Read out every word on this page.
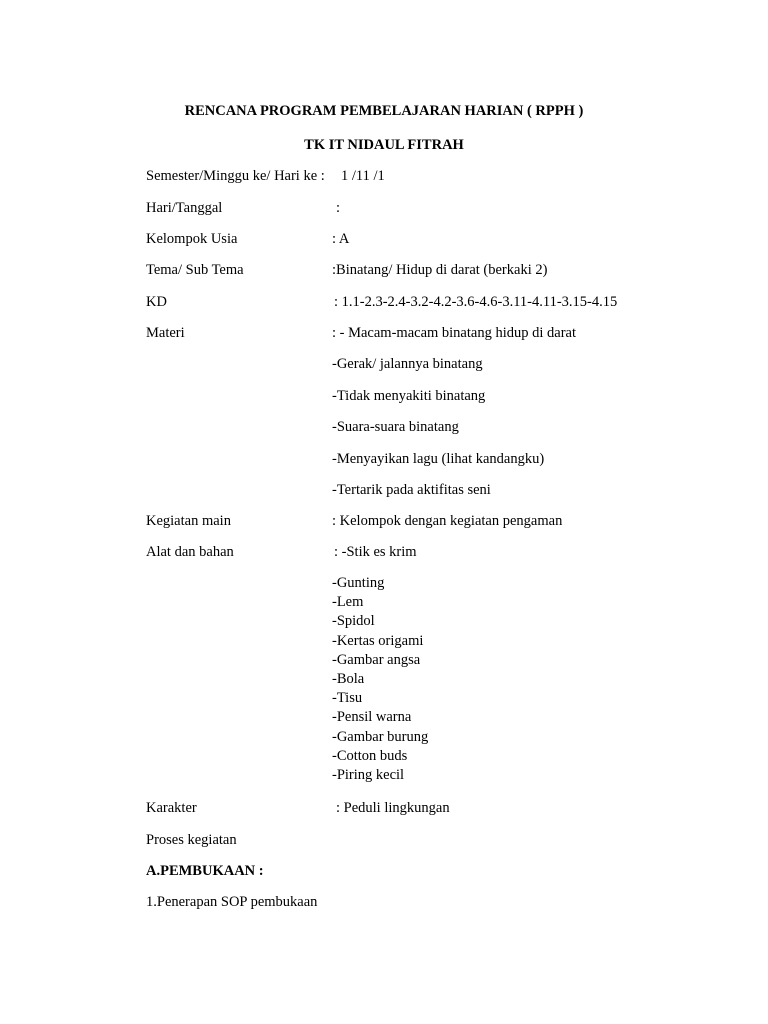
RENCANA PROGRAM PEMBELAJARAN HARIAN ( RPPH )
TK IT NIDAUL FITRAH
Semester/Minggu ke/ Hari ke : 1 /11 /1
Hari/Tanggal	:
Kelompok Usia	: A
Tema/ Sub Tema	:Binatang/ Hidup di darat (berkaki 2)
KD	: 1.1-2.3-2.4-3.2-4.2-3.6-4.6-3.11-4.11-3.15-4.15
Materi	: - Macam-macam binatang hidup di darat
-Gerak/ jalannya binatang
-Tidak menyakiti binatang
-Suara-suara binatang
-Menyayikan lagu (lihat kandangku)
-Tertarik pada aktifitas seni
Kegiatan main	: Kelompok dengan kegiatan pengaman
Alat dan bahan	: -Stik es krim
-Gunting
-Lem
-Spidol
-Kertas origami
-Gambar angsa
-Bola
-Tisu
-Pensil warna
-Gambar burung
-Cotton buds
-Piring kecil
Karakter	: Peduli lingkungan
Proses kegiatan
A.PEMBUKAAN :
1.Penerapan SOP pembukaan
